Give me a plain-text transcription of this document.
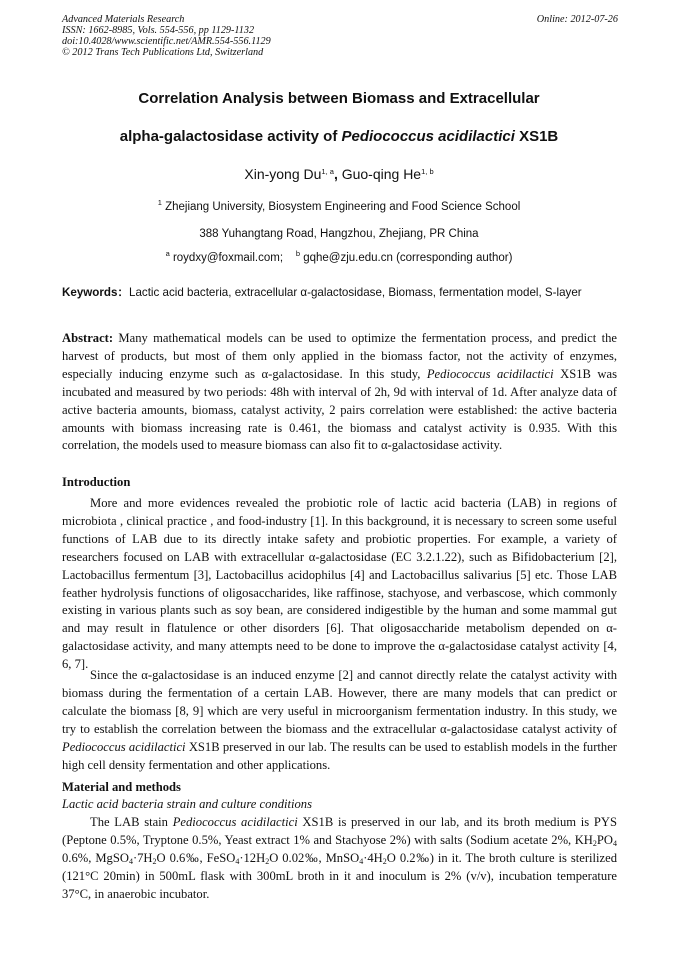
Advanced Materials Research
ISSN: 1662-8985, Vols. 554-556, pp 1129-1132
doi:10.4028/www.scientific.net/AMR.554-556.1129
© 2012 Trans Tech Publications Ltd, Switzerland
Online: 2012-07-26
Correlation Analysis between Biomass and Extracellular
alpha-galactosidase activity of Pediococcus acidilactici XS1B
Xin-yong Du$^{1, a}$, Guo-qing He$^{1, b}$
$^1$ Zhejiang University, Biosystem Engineering and Food Science School
388 Yuhangtang Road, Hangzhou, Zhejiang, PR China
$^a$ roydxy@foxmail.com; $^b$ gqhe@zju.edu.cn (corresponding author)
Keywords：Lactic acid bacteria, extracellular α-galactosidase, Biomass, fermentation model, S-layer
Abstract: Many mathematical models can be used to optimize the fermentation process, and predict the harvest of products, but most of them only applied in the biomass factor, not the activity of enzymes, especially inducing enzyme such as α-galactosidase. In this study, Pediococcus acidilactici XS1B was incubated and measured by two periods: 48h with interval of 2h, 9d with interval of 1d. After analyze data of active bacteria amounts, biomass, catalyst activity, 2 pairs correlation were established: the active bacteria amounts with biomass increasing rate is 0.461, the biomass and catalyst activity is 0.935. With this correlation, the models used to measure biomass can also fit to α-galactosidase activity.
Introduction
More and more evidences revealed the probiotic role of lactic acid bacteria (LAB) in regions of microbiota , clinical practice , and food-industry [1]. In this background, it is necessary to screen some useful functions of LAB due to its directly intake safety and probiotic properties. For example, a variety of researchers focused on LAB with extracellular α-galactosidase (EC 3.2.1.22), such as Bifidobacterium [2], Lactobacillus fermentum [3], Lactobacillus acidophilus [4] and Lactobacillus salivarius [5] etc. Those LAB feather hydrolysis functions of oligosaccharides, like raffinose, stachyose, and verbascose, which commonly existing in various plants such as soy bean, are considered indigestible by the human and some mammal gut and may result in flatulence or other disorders [6]. That oligosaccharide metabolism depended on α-galactosidase activity, and many attempts need to be done to improve the α-galactosidase catalyst activity [4, 6, 7].
Since the α-galactosidase is an induced enzyme [2] and cannot directly relate the catalyst activity with biomass during the fermentation of a certain LAB. However, there are many models that can predict or calculate the biomass [8, 9] which are very useful in microorganism fermentation industry. In this study, we try to establish the correlation between the biomass and the extracellular α-galactosidase catalyst activity of Pediococcus acidilactici XS1B preserved in our lab. The results can be used to establish models in the further high cell density fermentation and other applications.
Material and methods
Lactic acid bacteria strain and culture conditions
The LAB stain Pediococcus acidilactici XS1B is preserved in our lab, and its broth medium is PYS (Peptone 0.5%, Tryptone 0.5%, Yeast extract 1% and Stachyose 2%) with salts (Sodium acetate 2%, $KH_2PO_4$ 0.6%, $MgSO_4\cdot 7H_2O$ 0.6‰, $FeSO_4\cdot 12H_2O$ 0.02‰, $MnSO_4\cdot 4H_2O$ 0.2‰) in it. The broth culture is sterilized (121°C 20min) in 500mL flask with 300mL broth in it and inoculum is 2% (v/v), incubation temperature 37°C, in anaerobic incubator.
